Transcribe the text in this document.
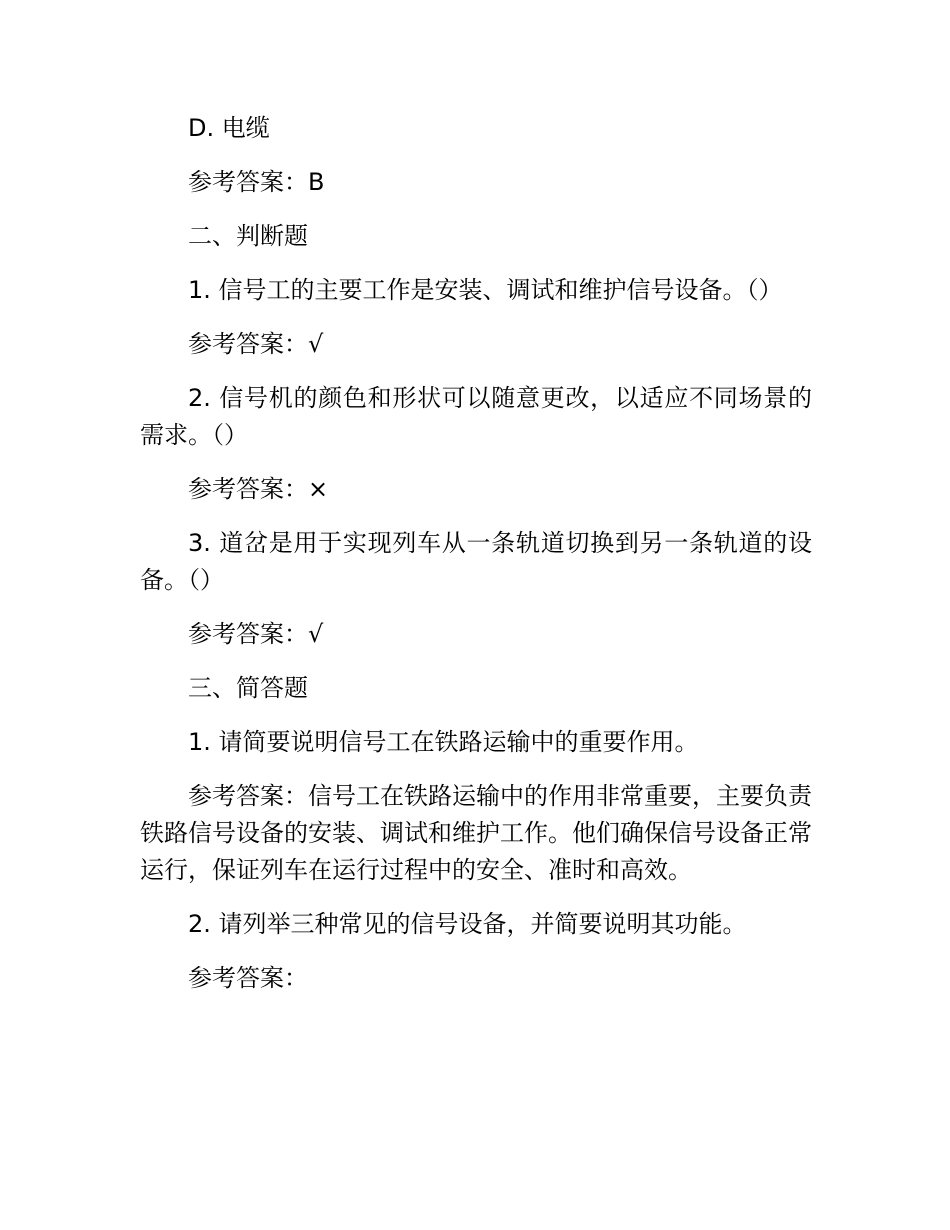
D. 电缆

参考答案：B

二、判断题

1. 信号工的主要工作是安装、调试和维护信号设备。（）

参考答案：√

2. 信号机的颜色和形状可以随意更改，以适应不同场景的需求。（）

参考答案：×

3. 道岔是用于实现列车从一条轨道切换到另一条轨道的设备。（）

参考答案：√

三、简答题

1. 请简要说明信号工在铁路运输中的重要作用。

参考答案：信号工在铁路运输中的作用非常重要，主要负责铁路信号设备的安装、调试和维护工作。他们确保信号设备正常运行，保证列车在运行过程中的安全、准时和高效。

2. 请列举三种常见的信号设备，并简要说明其功能。

参考答案：
